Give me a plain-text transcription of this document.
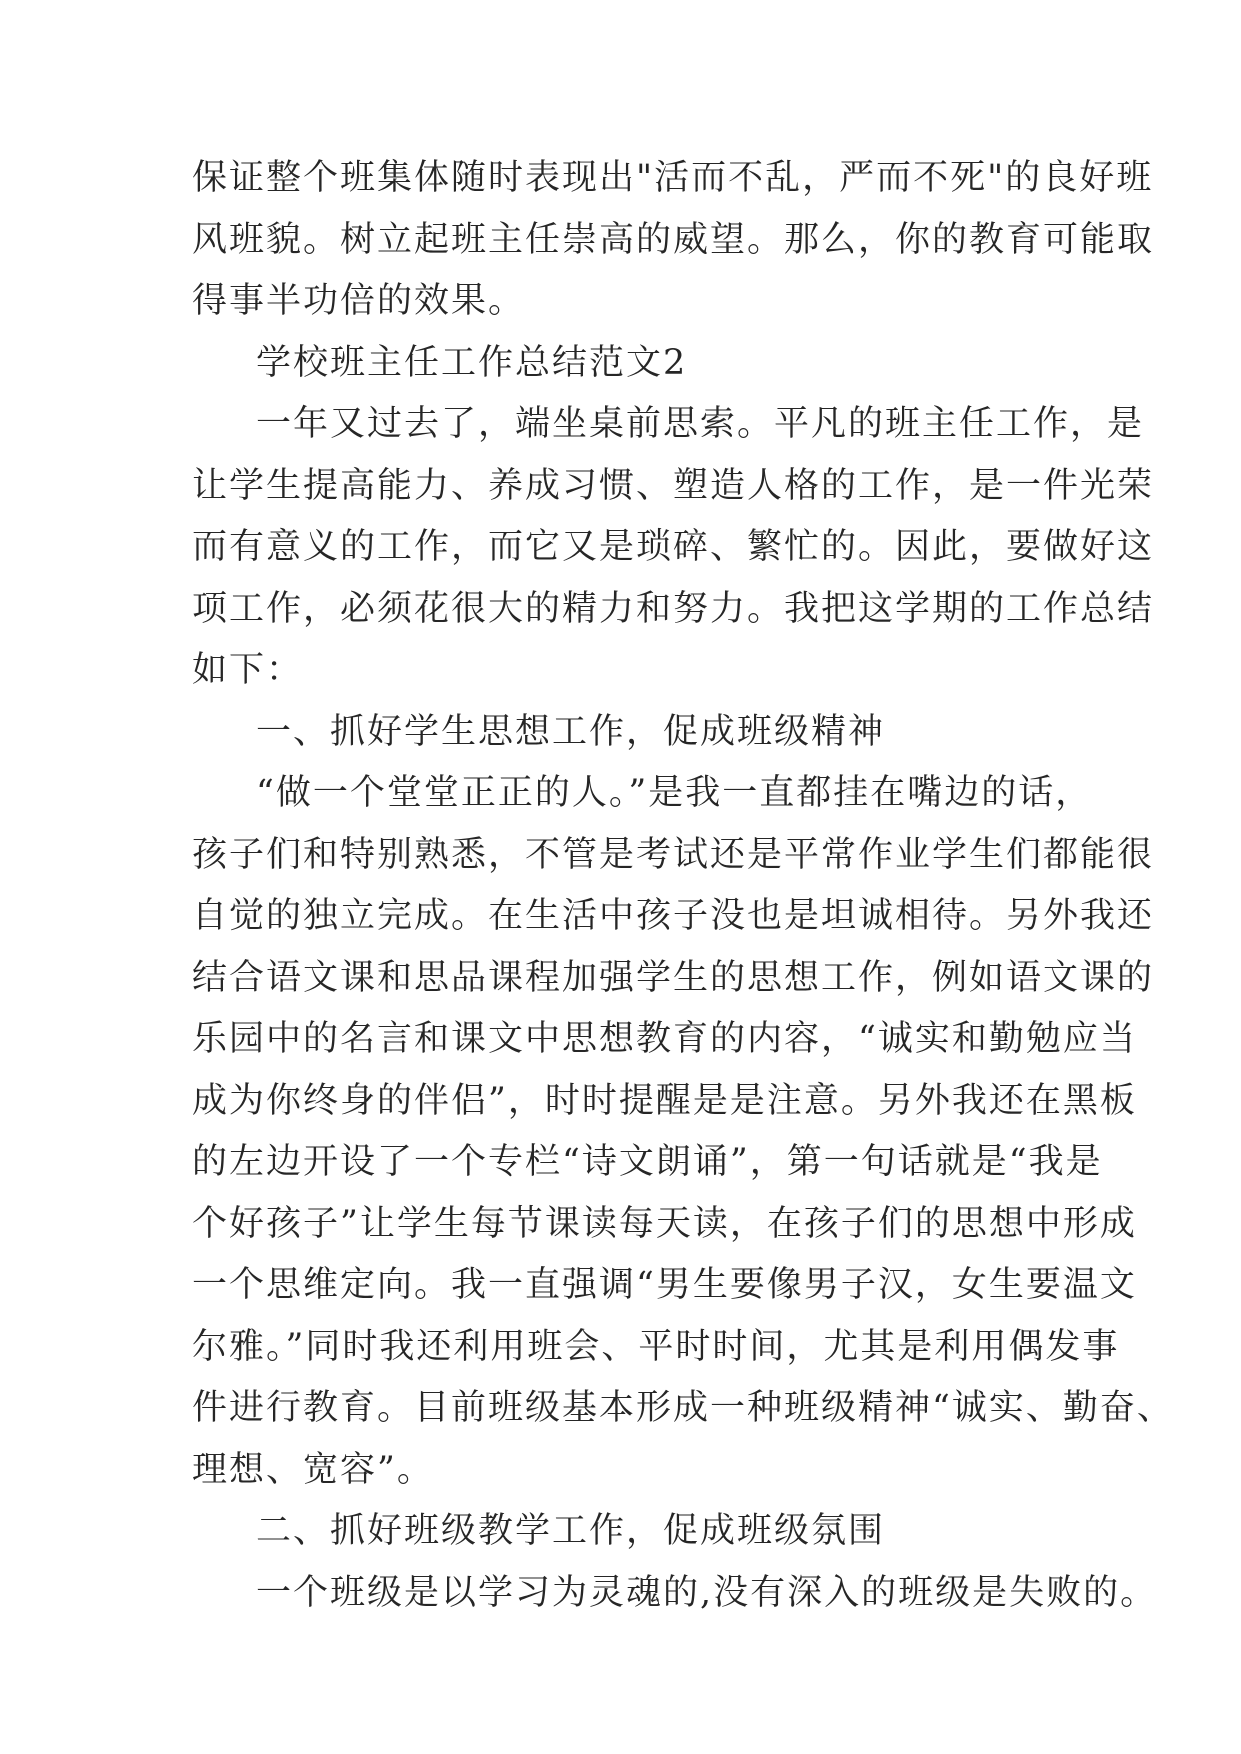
保证整个班集体随时表现出"活而不乱，严而不死"的良好班
风班貌。树立起班主任崇高的威望。那么，你的教育可能取
得事半功倍的效果。
学校班主任工作总结范文2
一年又过去了，端坐桌前思索。平凡的班主任工作，是
让学生提高能力、养成习惯、塑造人格的工作，是一件光荣
而有意义的工作，而它又是琐碎、繁忙的。因此，要做好这
项工作，必须花很大的精力和努力。我把这学期的工作总结
如下：
一、抓好学生思想工作，促成班级精神
“做一个堂堂正正的人。”是我一直都挂在嘴边的话，
孩子们和特别熟悉，不管是考试还是平常作业学生们都能很
自觉的独立完成。在生活中孩子没也是坦诚相待。另外我还
结合语文课和思品课程加强学生的思想工作，例如语文课的
乐园中的名言和课文中思想教育的内容，“诚实和勤勉应当
成为你终身的伴侣”，时时提醒是是注意。另外我还在黑板
的左边开设了一个专栏“诗文朗诵”，第一句话就是“我是
个好孩子”让学生每节课读每天读，在孩子们的思想中形成
一个思维定向。我一直强调“男生要像男子汉，女生要温文
尔雅。”同时我还利用班会、平时时间，尤其是利用偶发事
件进行教育。目前班级基本形成一种班级精神“诚实、勤奋、
理想、宽容”。
二、抓好班级教学工作，促成班级氛围
一个班级是以学习为灵魂的,没有深入的班级是失败的。
